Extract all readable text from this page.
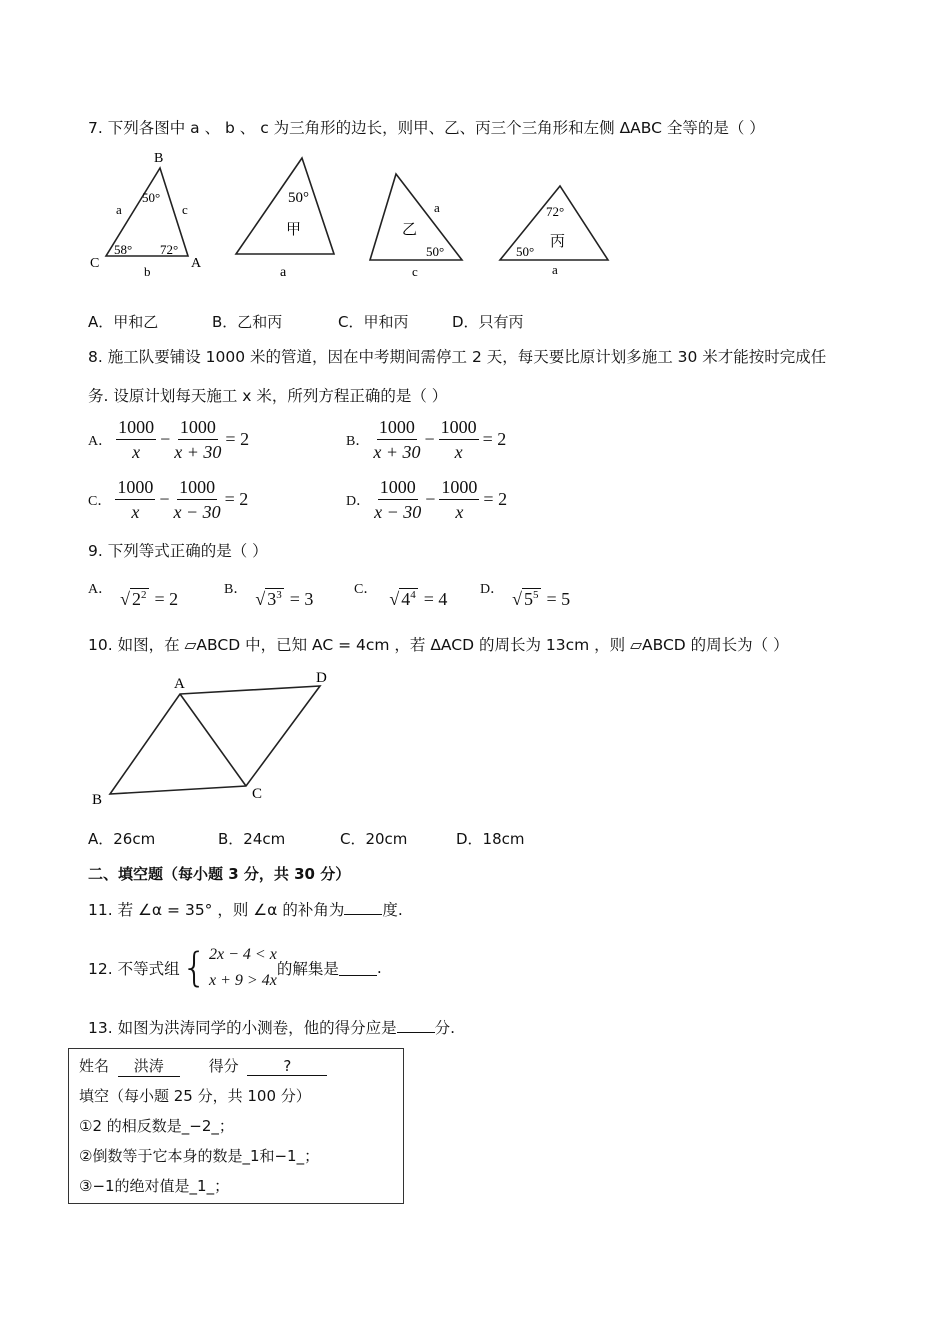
7. 下列各图中 a 、 b 、 c 为三角形的边长，则甲、乙、丙三个三角形和左侧 ΔABC 全等的是（ ）
B
C	A
a
b
c
50°
58° 72°
50°
甲
a
乙
a
50°
c
72°
丙
50°
a
A．甲和乙	B．乙和丙	C．甲和丙	D．只有丙
8. 施工队要铺设 1000 米的管道，因在中考期间需停工 2 天，每天要比原计划多施工 30 米才能按时完成任
务. 设原计划每天施工 x 米，所列方程正确的是（ ）
A． $\frac{1000}{x} - \frac{1000}{x + 30} = 2$	B． $\frac{1000}{x + 30} - \frac{1000}{x} = 2$
C． $\frac{1000}{x} - \frac{1000}{x - 30} = 2$	D． $\frac{1000}{x - 30} - \frac{1000}{x} = 2$
9. 下列等式正确的是（ ）
A． √ $2^2 = 2$	B． √ $3^3 = 3$	C． √ $4^4 = 4$ D． √ $5^5 = 5$
10. 如图，在 ▱ABCD 中，已知 AC = 4cm ，若 ΔACD 的周长为 13cm ，则 ▱ABCD 的周长为（ ）
A	D
C
B
A．26cm	B．24cm	C．20cm	D．18cm
二、填空题（每小题 3 分，共 30 分）
11. 若 ∠α = 35° ，则 ∠α 的补角为 度.
12. 不等式组 { 2x − 4 < x
x + 9 > 4x
的解集是 .
13. 如图为洪涛同学的小测卷，他的得分应是 分.
姓名 洪涛	得分	?
填空（每小题 25 分，共 100 分）
①2 的相反数是_−2_；
②倒数等于它本身的数是_1和−1_；
③−1的绝对值是_1_；
